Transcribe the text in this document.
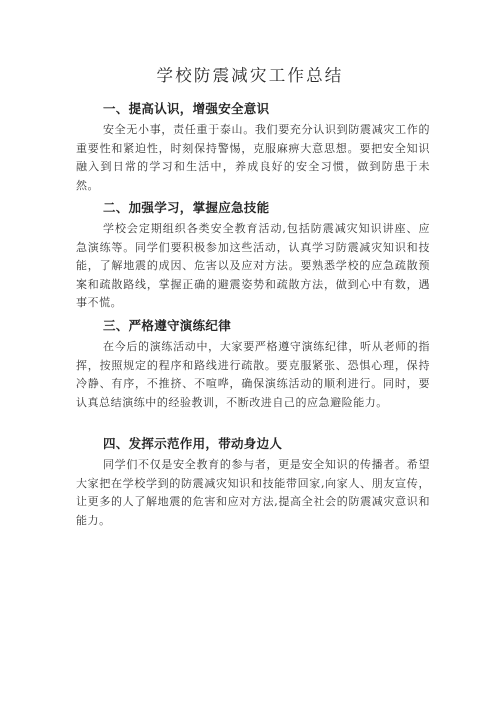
学校防震减灾工作总结
一、提高认识，增强安全意识

安全无小事，责任重于泰山。我们要充分认识到防震减灾工作的重要性和紧迫性，时刻保持警惕，克服麻痹大意思想。要把安全知识融入到日常的学习和生活中，养成良好的安全习惯，做到防患于未然。

二、加强学习，掌握应急技能

学校会定期组织各类安全教育活动,包括防震减灾知识讲座、应急演练等。同学们要积极参加这些活动，认真学习防震减灾知识和技能，了解地震的成因、危害以及应对方法。要熟悉学校的应急疏散预案和疏散路线，掌握正确的避震姿势和疏散方法，做到心中有数，遇事不慌。

三、严格遵守演练纪律

在今后的演练活动中，大家要严格遵守演练纪律，听从老师的指挥，按照规定的程序和路线进行疏散。要克服紧张、恐惧心理，保持冷静、有序，不推挤、不喧哗，确保演练活动的顺利进行。同时，要认真总结演练中的经验教训，不断改进自己的应急避险能力。

四、发挥示范作用，带动身边人

同学们不仅是安全教育的参与者，更是安全知识的传播者。希望大家把在学校学到的防震减灾知识和技能带回家,向家人、朋友宣传，让更多的人了解地震的危害和应对方法,提高全社会的防震减灾意识和能力。
